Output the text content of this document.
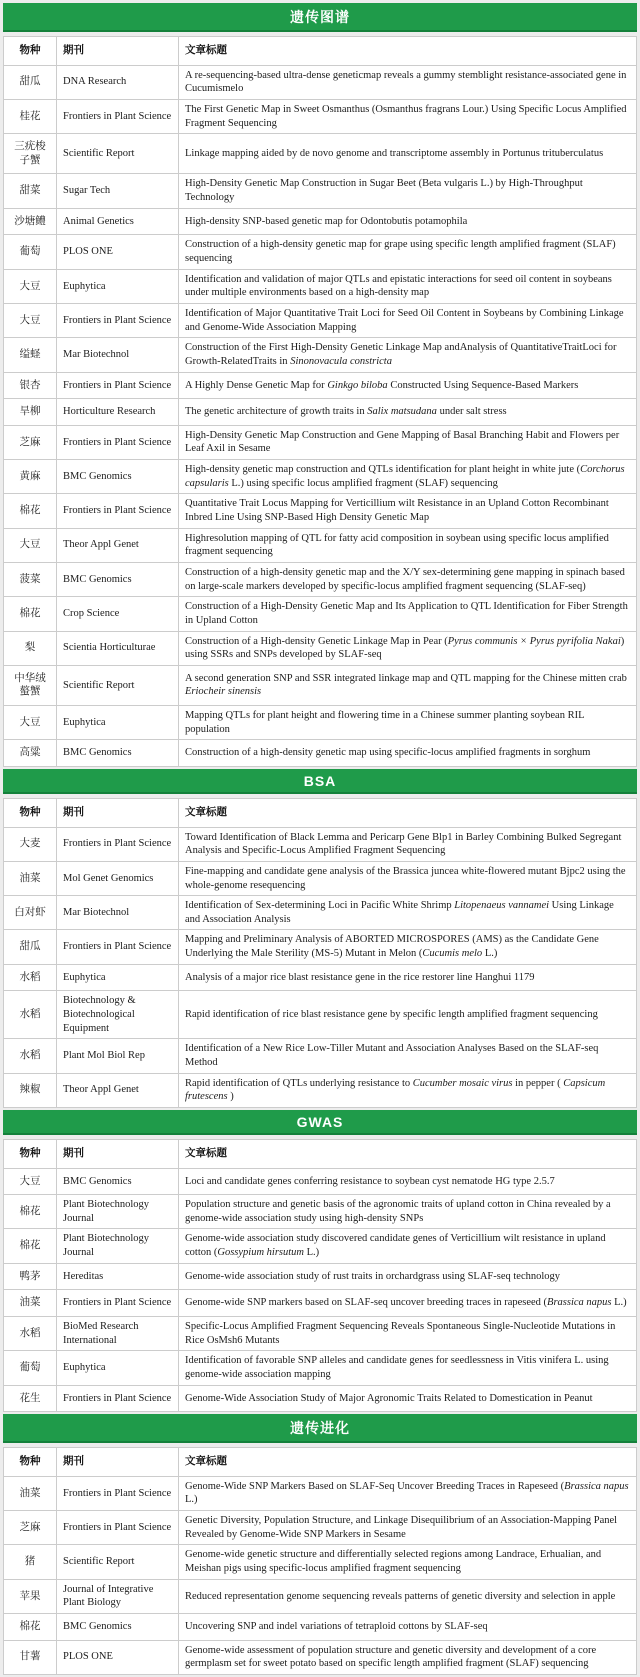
遗传图谱
物种	期刊	文章标题
甜瓜	DNA Research	A re-sequencing-based ultra-dense geneticmap reveals a gummy stemblight resistance-associated gene in Cucumismelo
桂花	Frontiers in Plant Science	The First Genetic Map in Sweet Osmanthus (Osmanthus fragrans Lour.) Using Specific Locus Amplified Fragment Sequencing
三疣梭子蟹	Scientific Report	Linkage mapping aided by de novo genome and transcriptome assembly in Portunus trituberculatus
甜菜	Sugar Tech	High-Density Genetic Map Construction in Sugar Beet (Beta vulgaris L.) by High-Throughput Technology
沙塘鳢	Animal Genetics	High-density SNP-based genetic map for Odontobutis potamophila
葡萄	PLOS ONE	Construction of a high-density genetic map for grape using specific length amplified fragment (SLAF) sequencing
大豆	Euphytica	Identification and validation of major QTLs and epistatic interactions for seed oil content in soybeans under multiple environments based on a high-density map
大豆	Frontiers in Plant Science	Identification of Major Quantitative Trait Loci for Seed Oil Content in Soybeans by Combining Linkage and Genome-Wide Association Mapping
缢蛏	Mar Biotechnol	Construction of the First High-Density Genetic Linkage Map andAnalysis of QuantitativeTraitLoci for Growth-RelatedTraits in Sinonovacula constricta
银杏	Frontiers in Plant Science	A Highly Dense Genetic Map for Ginkgo biloba Constructed Using Sequence-Based Markers
旱柳	Horticulture Research	The genetic architecture of growth traits in Salix matsudana under salt stress
芝麻	Frontiers in Plant Science	High-Density Genetic Map Construction and Gene Mapping of Basal Branching Habit and Flowers per Leaf Axil in Sesame
黄麻	BMC Genomics	High-density genetic map construction and QTLs identification for plant height in white jute (Corchorus capsularis L.) using specific locus amplified fragment (SLAF) sequencing
棉花	Frontiers in Plant Science	Quantitative Trait Locus Mapping for Verticillium wilt Resistance in an Upland Cotton Recombinant Inbred Line Using SNP-Based High Density Genetic Map
大豆	Theor Appl Genet	Highresolution mapping of QTL for fatty acid composition in soybean using specific locus amplified fragment sequencing
菠菜	BMC Genomics	Construction of a high-density genetic map and the X/Y sex-determining gene mapping in spinach based on large-scale markers developed by specific-locus amplified fragment sequencing (SLAF-seq)
棉花	Crop Science	Construction of a High-Density Genetic Map and Its Application to QTL Identification for Fiber Strength in Upland Cotton
梨	Scientia Horticulturae	Construction of a High-density Genetic Linkage Map in Pear (Pyrus communis × Pyrus pyrifolia Nakai) using SSRs and SNPs developed by SLAF-seq
中华绒螯蟹	Scientific Report	A second generation SNP and SSR integrated linkage map and QTL mapping for the Chinese mitten crab Eriocheir sinensis
大豆	Euphytica	Mapping QTLs for plant height and flowering time in a Chinese summer planting soybean RIL population
高粱	BMC Genomics	Construction of a high-density genetic map using specific-locus amplified fragments in sorghum
BSA
物种	期刊	文章标题
大麦	Frontiers in Plant Science	Toward Identification of Black Lemma and Pericarp Gene Blp1 in Barley Combining Bulked Segregant Analysis and Specific-Locus Amplified Fragment Sequencing
油菜	Mol Genet Genomics	Fine-mapping and candidate gene analysis of the Brassica juncea white-flowered mutant Bjpc2 using the whole-genome resequencing
白对虾	Mar Biotechnol	Identification of Sex-determining Loci in Pacific White Shrimp Litopenaeus vannamei Using Linkage and Association Analysis
甜瓜	Frontiers in Plant Science	Mapping and Preliminary Analysis of ABORTED MICROSPORES (AMS) as the Candidate Gene Underlying the Male Sterility (MS-5) Mutant in Melon (Cucumis melo L.)
水稻	Euphytica	Analysis of a major rice blast resistance gene in the rice restorer line Hanghui 1179
水稻	Biotechnology & Biotechnological Equipment	Rapid identification of rice blast resistance gene by specific length amplified fragment sequencing
水稻	Plant Mol Biol Rep	Identification of a New Rice Low-Tiller Mutant and Association Analyses Based on the SLAF-seq Method
辣椒	Theor Appl Genet	Rapid identification of QTLs underlying resistance to Cucumber mosaic virus in pepper ( Capsicum frutescens )
GWAS
物种	期刊	文章标题
大豆	BMC Genomics	Loci and candidate genes conferring resistance to soybean cyst nematode HG type 2.5.7
棉花	Plant Biotechnology Journal	Population structure and genetic basis of the agronomic traits of upland cotton in China revealed by a genome-wide association study using high-density SNPs
棉花	Plant Biotechnology Journal	Genome-wide association study discovered candidate genes of Verticillium wilt resistance in upland cotton (Gossypium hirsutum L.)
鸭茅	Hereditas	Genome-wide association study of rust traits in orchardgrass using SLAF-seq technology
油菜	Frontiers in Plant Science	Genome-wide SNP markers based on SLAF-seq uncover breeding traces in rapeseed (Brassica napus L.)
水稻	BioMed Research International	Specific-Locus Amplified Fragment Sequencing Reveals Spontaneous Single-Nucleotide Mutations in Rice OsMsh6 Mutants
葡萄	Euphytica	Identification of favorable SNP alleles and candidate genes for seedlessness in Vitis vinifera L. using genome-wide association mapping
花生	Frontiers in Plant Science	Genome-Wide Association Study of Major Agronomic Traits Related to Domestication in Peanut
遗传进化
物种	期刊	文章标题
油菜	Frontiers in Plant Science	Genome-Wide SNP Markers Based on SLAF-Seq Uncover Breeding Traces in Rapeseed (Brassica napus L.)
芝麻	Frontiers in Plant Science	Genetic Diversity, Population Structure, and Linkage Disequilibrium of an Association-Mapping Panel Revealed by Genome-Wide SNP Markers in Sesame
猪	Scientific Report	Genome-wide genetic structure and differentially selected regions among Landrace, Erhualian, and Meishan pigs using specific-locus amplified fragment sequencing
苹果	Journal of Integrative Plant Biology	Reduced representation genome sequencing reveals patterns of genetic diversity and selection in apple
棉花	BMC Genomics	Uncovering SNP and indel variations of tetraploid cottons by SLAF-seq
甘薯	PLOS ONE	Genome-wide assessment of population structure and genetic diversity and development of a core germplasm set for sweet potato based on specific length amplified fragment (SLAF) sequencing
